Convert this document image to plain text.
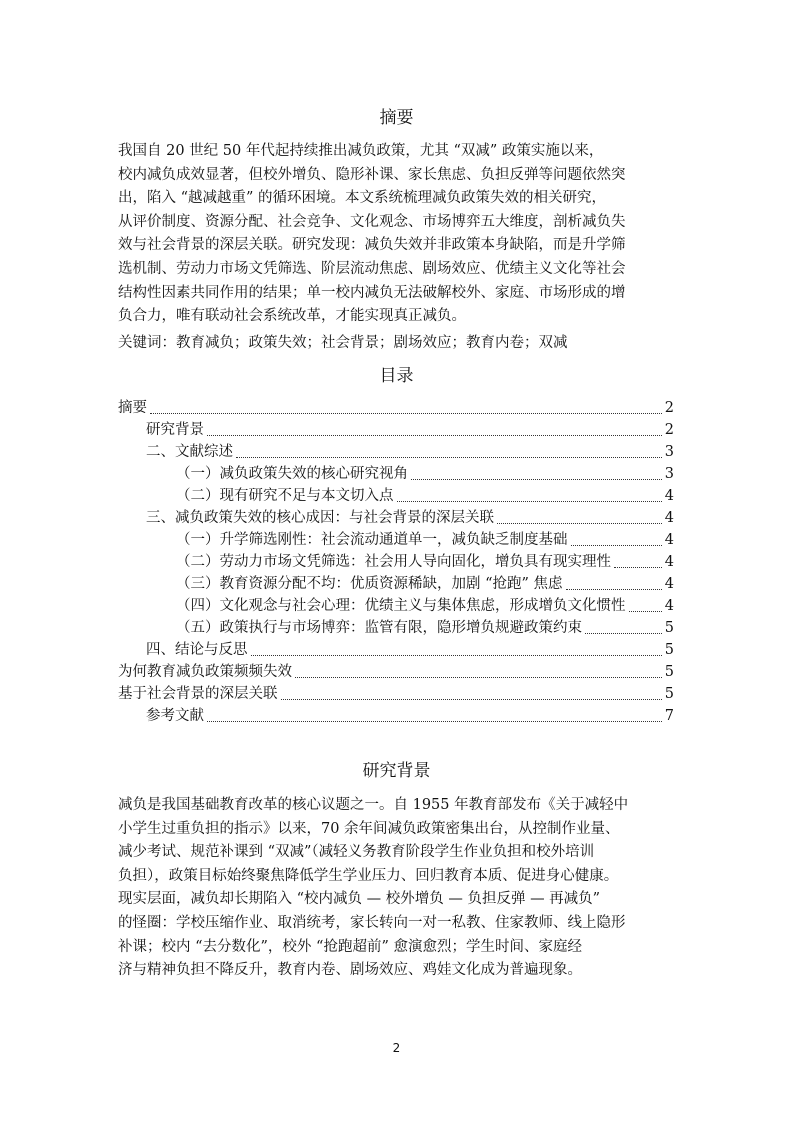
摘要
我国自 20 世纪 50 年代起持续推出减负政策，尤其 “双减” 政策实施以来，
校内减负成效显著，但校外增负、隐形补课、家长焦虑、负担反弹等问题依然突
出，陷入 “越减越重” 的循环困境。本文系统梳理减负政策失效的相关研究，
从评价制度、资源分配、社会竞争、文化观念、市场博弈五大维度，剖析减负失
效与社会背景的深层关联。研究发现：减负失效并非政策本身缺陷，而是升学筛
选机制、劳动力市场文凭筛选、阶层流动焦虑、剧场效应、优绩主义文化等社会
结构性因素共同作用的结果；单一校内减负无法破解校外、家庭、市场形成的增
负合力，唯有联动社会系统改革，才能实现真正减负。

关键词：教育减负；政策失效；社会背景；剧场效应；教育内卷；双减

目录
摘要	2
研究背景	2
二、文献综述	3
（一）减负政策失效的核心研究视角	3
（二）现有研究不足与本文切入点	4
三、减负政策失效的核心成因：与社会背景的深层关联	4
（一）升学筛选刚性：社会流动通道单一，减负缺乏制度基础	4
（二）劳动力市场文凭筛选：社会用人导向固化，增负具有现实理性	4
（三）教育资源分配不均：优质资源稀缺，加剧 “抢跑” 焦虑	4
（四）文化观念与社会心理：优绩主义与集体焦虑，形成增负文化惯性	4
（五）政策执行与市场博弈：监管有限，隐形增负规避政策约束	5
四、结论与反思	5
为何教育减负政策频频失效	5
基于社会背景的深层关联	5
参考文献	7
研究背景
减负是我国基础教育改革的核心议题之一。自 1955 年教育部发布《关于减轻中
小学生过重负担的指示》以来，70 余年间减负政策密集出台，从控制作业量、
减少考试、规范补课到 “双减”（减轻义务教育阶段学生作业负担和校外培训
负担），政策目标始终聚焦降低学生学业压力、回归教育本质、促进身心健康。
现实层面，减负却长期陷入 “校内减负 — 校外增负 — 负担反弹 — 再减负”
的怪圈：学校压缩作业、取消统考，家长转向一对一私教、住家教师、线上隐形
补课；校内 “去分数化”，校外 “抢跑超前” 愈演愈烈；学生时间、家庭经
济与精神负担不降反升，教育内卷、剧场效应、鸡娃文化成为普遍现象。
2
